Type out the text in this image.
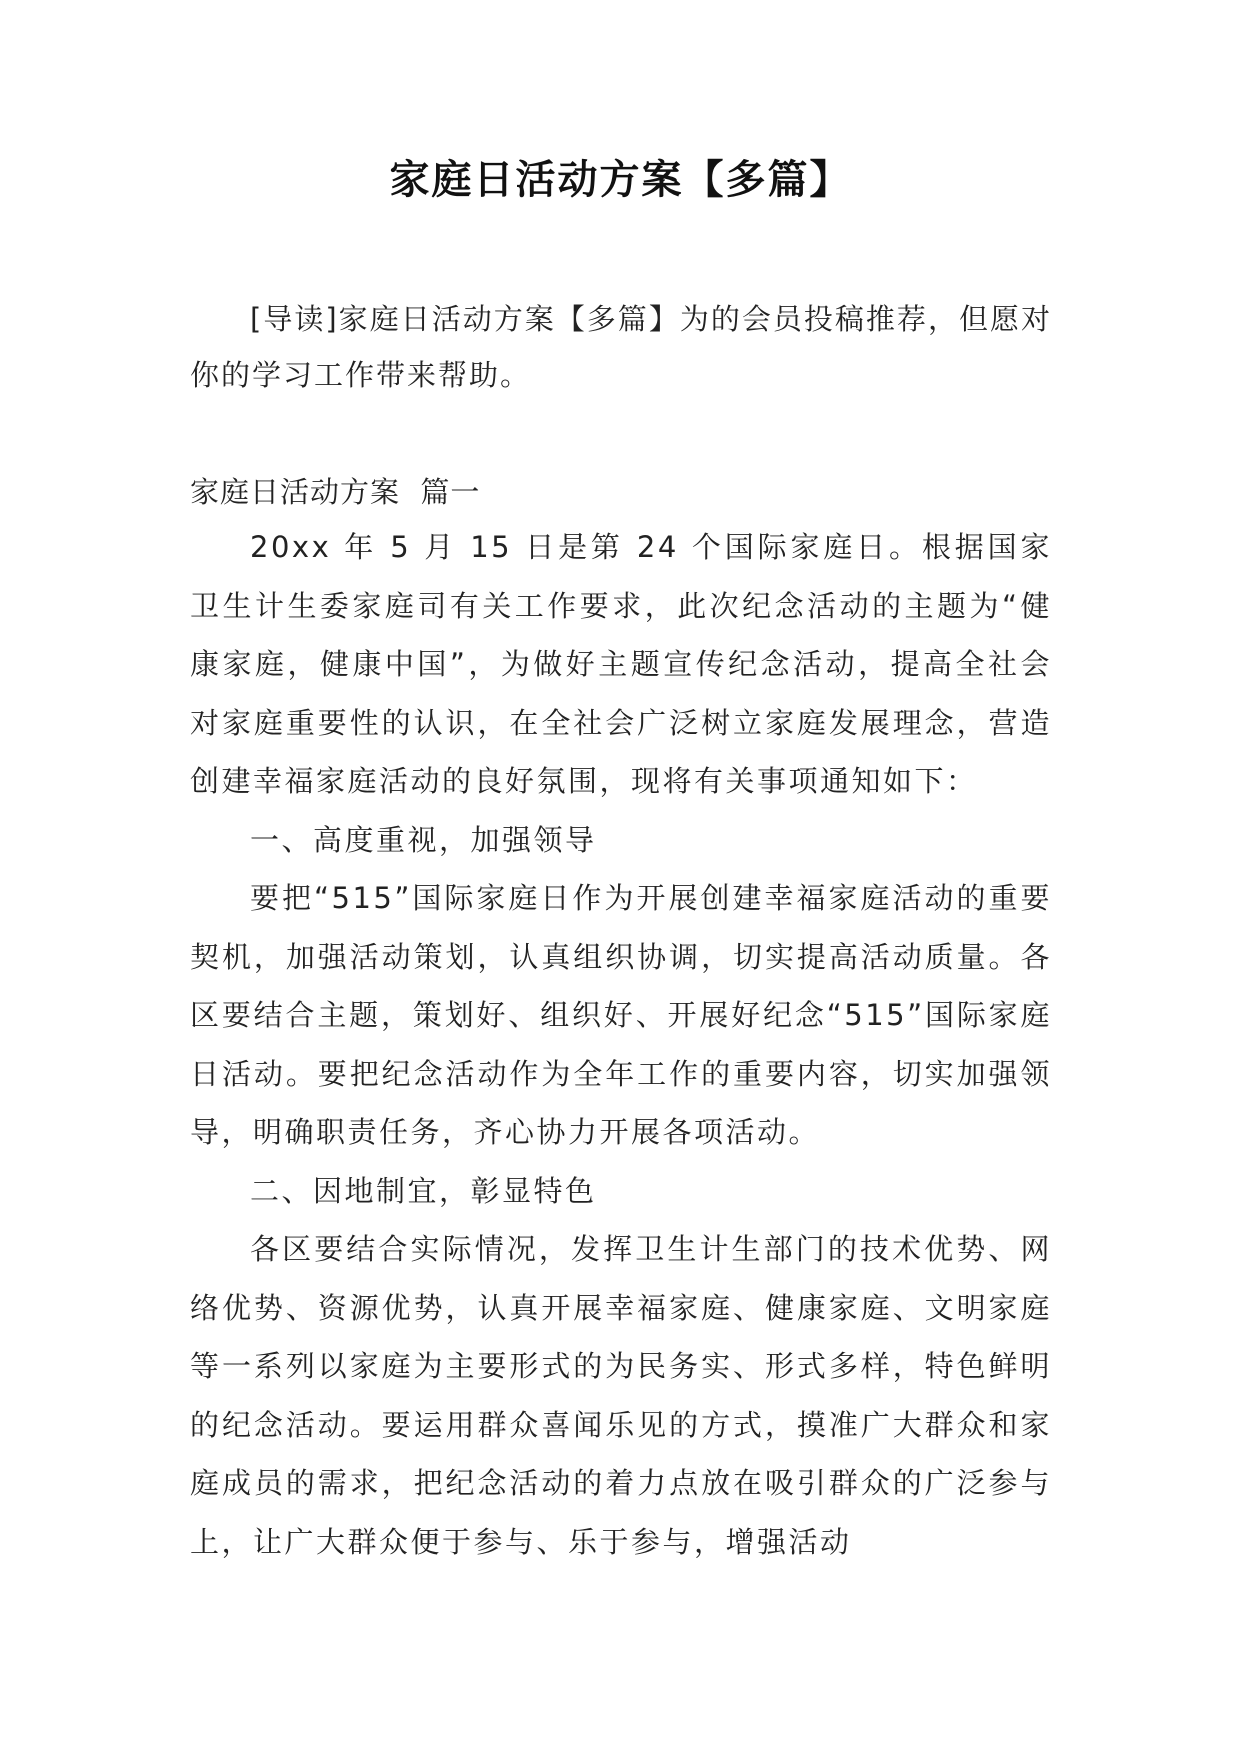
家庭日活动方案【多篇】

[导读]家庭日活动方案【多篇】为的会员投稿推荐，但愿对你的学习工作带来帮助。

家庭日活动方案  篇一

20xx 年 5 月 15 日是第 24 个国际家庭日。根据国家卫生计生委家庭司有关工作要求，此次纪念活动的主题为“健康家庭，健康中国”，为做好主题宣传纪念活动，提高全社会对家庭重要性的认识，在全社会广泛树立家庭发展理念，营造创建幸福家庭活动的良好氛围，现将有关事项通知如下：

一、高度重视，加强领导

要把“515”国际家庭日作为开展创建幸福家庭活动的重要契机，加强活动策划，认真组织协调，切实提高活动质量。各区要结合主题，策划好、组织好、开展好纪念“515”国际家庭日活动。要把纪念活动作为全年工作的重要内容，切实加强领导，明确职责任务，齐心协力开展各项活动。

二、因地制宜，彰显特色

各区要结合实际情况，发挥卫生计生部门的技术优势、网络优势、资源优势，认真开展幸福家庭、健康家庭、文明家庭等一系列以家庭为主要形式的为民务实、形式多样，特色鲜明的纪念活动。要运用群众喜闻乐见的方式，摸准广大群众和家庭成员的需求，把纪念活动的着力点放在吸引群众的广泛参与上，让广大群众便于参与、乐于参与，增强活动
